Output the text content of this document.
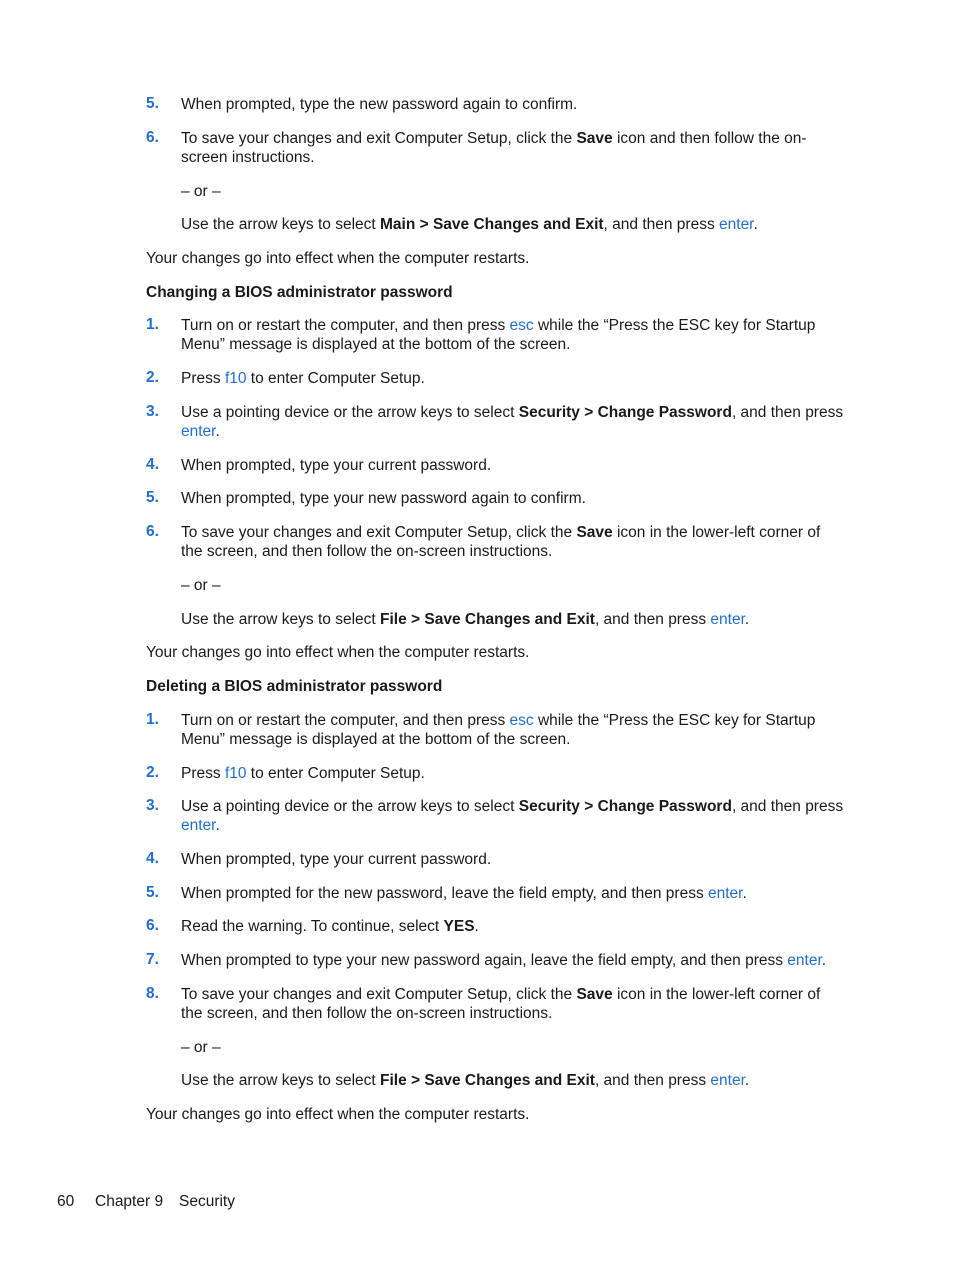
5. When prompted, type the new password again to confirm.
6. To save your changes and exit Computer Setup, click the Save icon and then follow the on-
screen instructions.
– or –
Use the arrow keys to select Main > Save Changes and Exit, and then press enter.
Your changes go into effect when the computer restarts.
Changing a BIOS administrator password
1. Turn on or restart the computer, and then press esc while the “Press the ESC key for Startup
Menu” message is displayed at the bottom of the screen.
2. Press f10 to enter Computer Setup.
3. Use a pointing device or the arrow keys to select Security > Change Password, and then press
enter.
4. When prompted, type your current password.
5. When prompted, type your new password again to confirm.
6. To save your changes and exit Computer Setup, click the Save icon in the lower-left corner of
the screen, and then follow the on-screen instructions.
– or –
Use the arrow keys to select File > Save Changes and Exit, and then press enter.
Your changes go into effect when the computer restarts.
Deleting a BIOS administrator password
1. Turn on or restart the computer, and then press esc while the “Press the ESC key for Startup
Menu” message is displayed at the bottom of the screen.
2. Press f10 to enter Computer Setup.
3. Use a pointing device or the arrow keys to select Security > Change Password, and then press
enter.
4. When prompted, type your current password.
5. When prompted for the new password, leave the field empty, and then press enter.
6. Read the warning. To continue, select YES.
7. When prompted to type your new password again, leave the field empty, and then press enter.
8. To save your changes and exit Computer Setup, click the Save icon in the lower-left corner of
the screen, and then follow the on-screen instructions.
– or –
Use the arrow keys to select File > Save Changes and Exit, and then press enter.
Your changes go into effect when the computer restarts.
60 Chapter 9 Security
